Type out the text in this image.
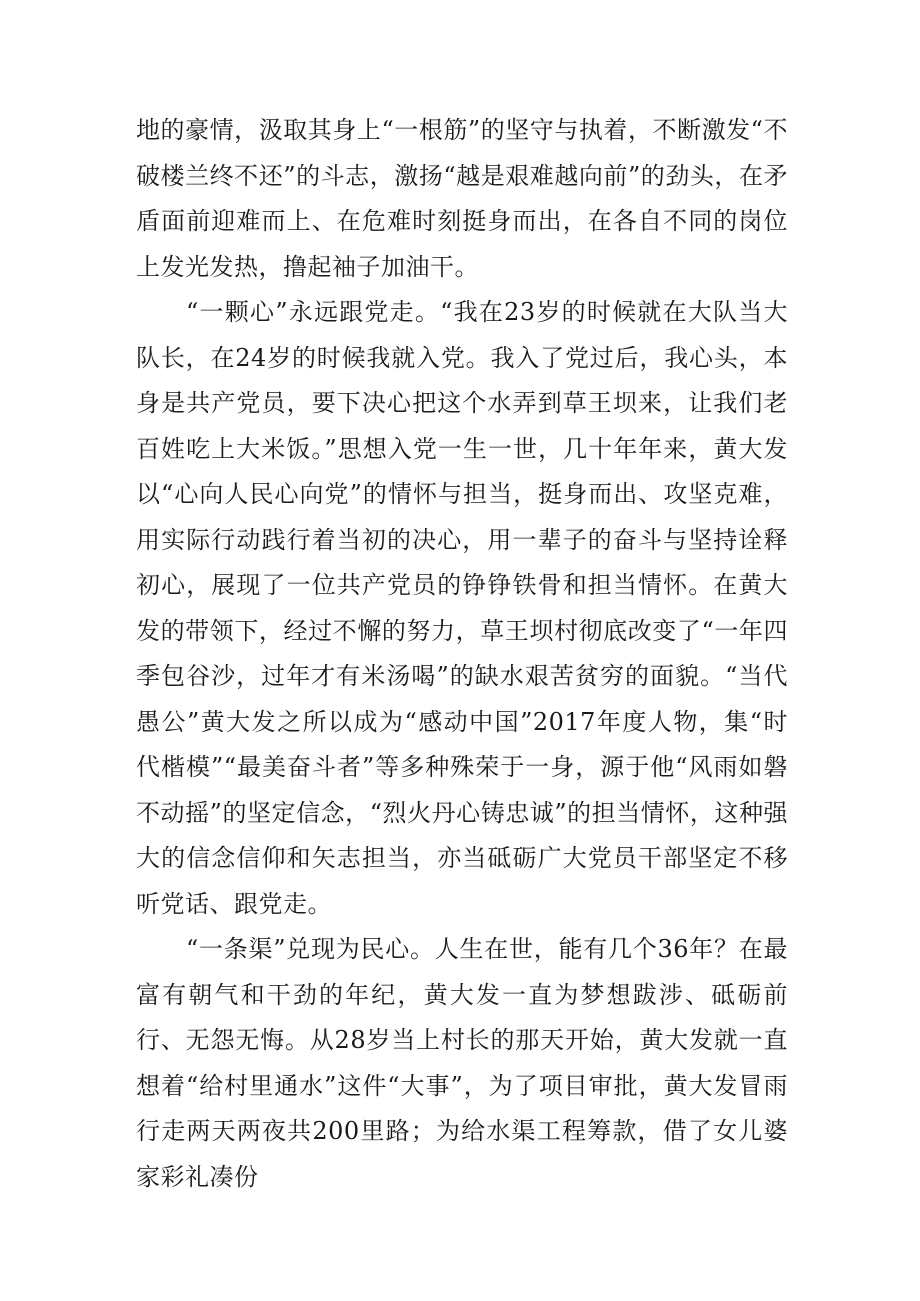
地的豪情，汲取其身上“一根筋”的坚守与执着，不断激发“不破楼兰终不还”的斗志，激扬“越是艰难越向前”的劲头，在矛盾面前迎难而上、在危难时刻挺身而出，在各自不同的岗位上发光发热，撸起袖子加油干。

“一颗心”永远跟党走。“我在23岁的时候就在大队当大队长，在24岁的时候我就入党。我入了党过后，我心头，本身是共产党员，要下决心把这个水弄到草王坝来，让我们老百姓吃上大米饭。”思想入党一生一世，几十年年来，黄大发以“心向人民心向党”的情怀与担当，挺身而出、攻坚克难，用实际行动践行着当初的决心，用一辈子的奋斗与坚持诠释初心，展现了一位共产党员的铮铮铁骨和担当情怀。在黄大发的带领下，经过不懈的努力，草王坝村彻底改变了“一年四季包谷沙，过年才有米汤喝”的缺水艰苦贫穷的面貌。“当代愚公”黄大发之所以成为“感动中国”2017年度人物，集“时代楷模”“最美奋斗者”等多种殊荣于一身，源于他“风雨如磐不动摇”的坚定信念，“烈火丹心铸忠诚”的担当情怀，这种强大的信念信仰和矢志担当，亦当砥砺广大党员干部坚定不移听党话、跟党走。

“一条渠”兑现为民心。人生在世，能有几个36年？在最富有朝气和干劲的年纪，黄大发一直为梦想跋涉、砥砺前行、无怨无悔。从28岁当上村长的那天开始，黄大发就一直想着“给村里通水”这件“大事”，为了项目审批，黄大发冒雨行走两天两夜共200里路；为给水渠工程筹款，借了女儿婆家彩礼凑份
